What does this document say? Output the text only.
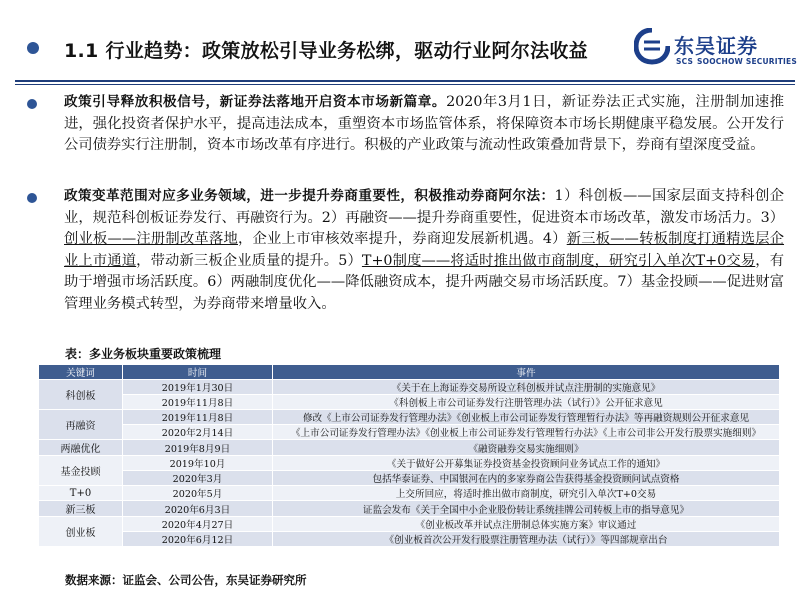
1.1 行业趋势：政策放松引导业务松绑，驱动行业阿尔法收益	东吴证券
SCS SOOCHOW SECURITIES
政策引导释放积极信号，新证券法落地开启资本市场新篇章。2020年3月1日，新证券法正式实施，注册制加速推进，强化投资者保护水平，提高违法成本，重塑资本市场监管体系，将保障资本市场长期健康平稳发展。公开发行公司债券实行注册制，资本市场改革有序进行。积极的产业政策与流动性政策叠加背景下，券商有望深度受益。
政策变革范围对应多业务领域，进一步提升券商重要性，积极推动券商阿尔法：1）科创板——国家层面支持科创企业，规范科创板证券发行、再融资行为。2）再融资——提升券商重要性，促进资本市场改革，激发市场活力。3）创业板——注册制改革落地，企业上市审核效率提升，券商迎发展新机遇。4）新三板——转板制度打通精选层企业上市通道，带动新三板企业质量的提升。5）T+0制度——将适时推出做市商制度，研究引入单次T+0交易，有助于增强市场活跃度。6）两融制度优化——降低融资成本，提升两融交易市场活跃度。7）基金投顾——促进财富管理业务模式转型，为券商带来增量收入。
表：多业务板块重要政策梳理
关键词	时间	事件
科创板	2019年1月30日	《关于在上海证券交易所设立科创板并试点注册制的实施意见》
	2019年11月8日	《科创板上市公司证券发行注册管理办法（试行）》公开征求意见
再融资	2019年11月8日	修改《上市公司证券发行管理办法》《创业板上市公司证券发行管理暂行办法》等再融资规则公开征求意见
	2020年2月14日	《上市公司证券发行管理办法》《创业板上市公司证券发行管理暂行办法》《上市公司非公开发行股票实施细则》
两融优化	2019年8月9日	《融资融券交易实施细则》
基金投顾	2019年10月	《关于做好公开募集证券投资基金投资顾问业务试点工作的通知》
	2020年3月	包括华泰证券、中国银河在内的多家券商公告获得基金投资顾问试点资格
T+0	2020年5月	上交所回应，将适时推出做市商制度，研究引入单次T+0交易
新三板	2020年6月3日	证监会发布《关于全国中小企业股份转让系统挂牌公司转板上市的指导意见》
创业板	2020年4月27日	《创业板改革并试点注册制总体实施方案》审议通过
	2020年6月12日	《创业板首次公开发行股票注册管理办法（试行）》等四部规章出台
数据来源：证监会、公司公告，东吴证券研究所
